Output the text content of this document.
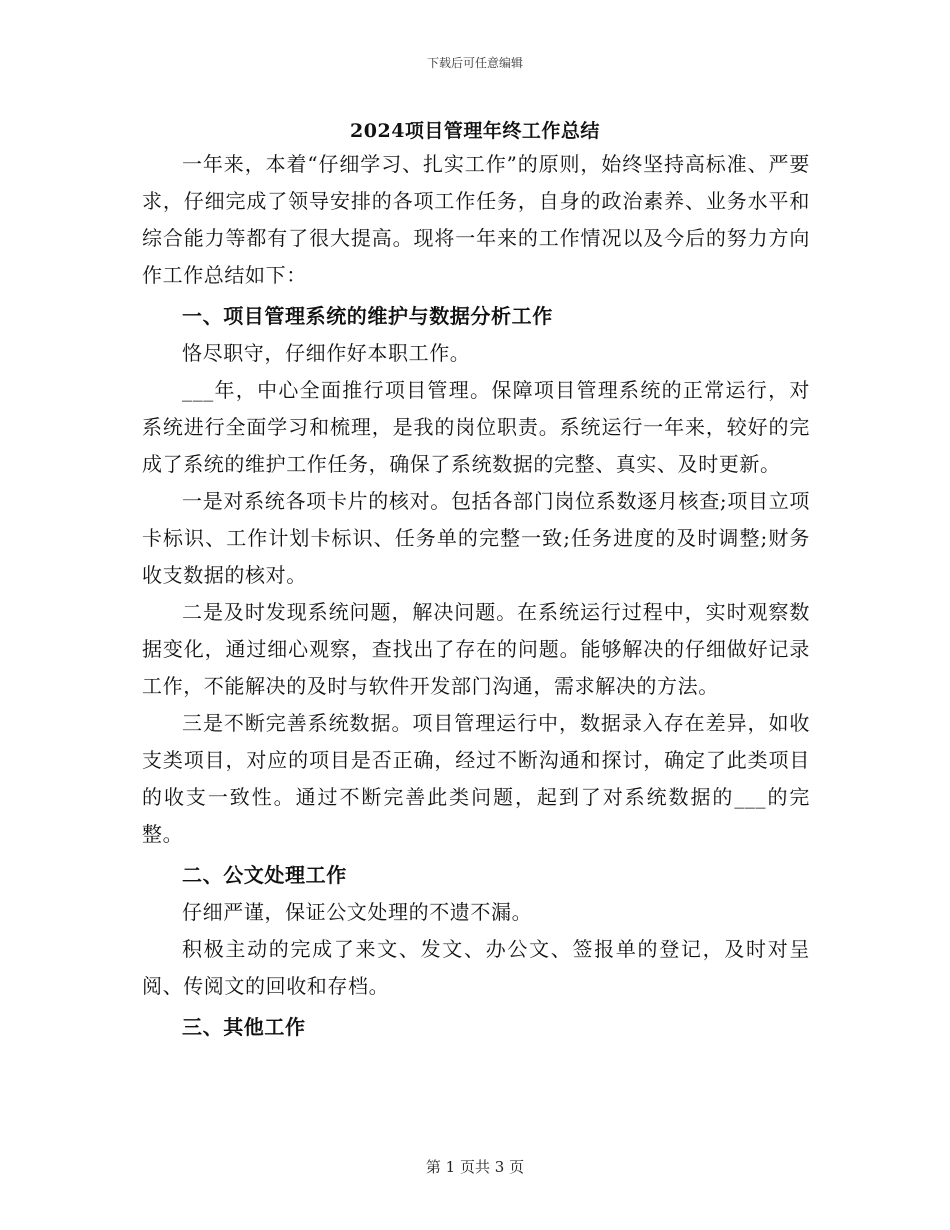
下载后可任意编辑
2024项目管理年终工作总结

一年来，本着“仔细学习、扎实工作”的原则，始终坚持高标准、严要求，仔细完成了领导安排的各项工作任务，自身的政治素养、业务水平和综合能力等都有了很大提高。现将一年来的工作情况以及今后的努力方向作工作总结如下：

一、项目管理系统的维护与数据分析工作

恪尽职守，仔细作好本职工作。

___年，中心全面推行项目管理。保障项目管理系统的正常运行，对系统进行全面学习和梳理，是我的岗位职责。系统运行一年来，较好的完成了系统的维护工作任务，确保了系统数据的完整、真实、及时更新。

一是对系统各项卡片的核对。包括各部门岗位系数逐月核查;项目立项卡标识、工作计划卡标识、任务单的完整一致;任务进度的及时调整;财务收支数据的核对。

二是及时发现系统问题，解决问题。在系统运行过程中，实时观察数据变化，通过细心观察，查找出了存在的问题。能够解决的仔细做好记录工作，不能解决的及时与软件开发部门沟通，需求解决的方法。

三是不断完善系统数据。项目管理运行中，数据录入存在差异，如收支类项目，对应的项目是否正确，经过不断沟通和探讨，确定了此类项目的收支一致性。通过不断完善此类问题，起到了对系统数据的___的完整。

二、公文处理工作

仔细严谨，保证公文处理的不遗不漏。

积极主动的完成了来文、发文、办公文、签报单的登记，及时对呈阅、传阅文的回收和存档。

三、其他工作

第 1 页共 3 页
